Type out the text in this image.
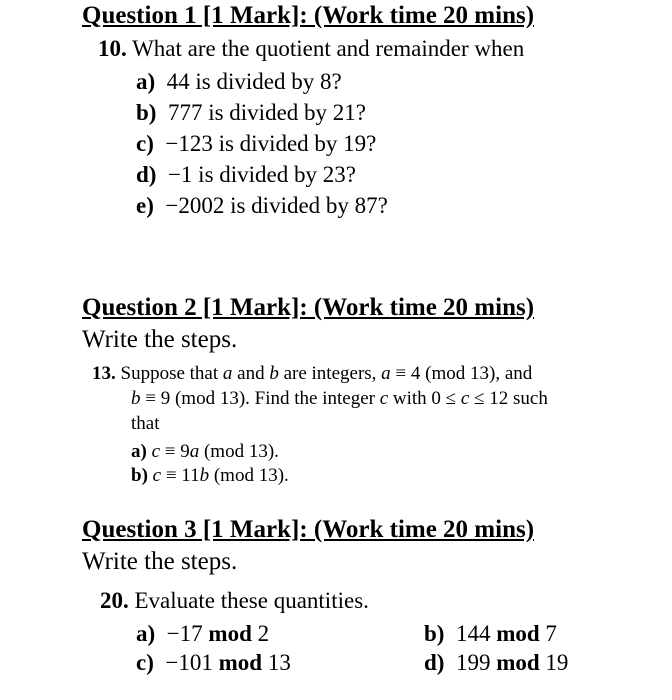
Question 1 [1 Mark]: (Work time 20 mins)
10. What are the quotient and remainder when
a) 44 is divided by 8?
b) 777 is divided by 21?
c) −123 is divided by 19?
d) −1 is divided by 23?
e) −2002 is divided by 87?
Question 2 [1 Mark]: (Work time 20 mins)
Write the steps.
13. Suppose that a and b are integers, a ≡ 4 (mod 13), and
b ≡ 9 (mod 13). Find the integer c with 0 ≤ c ≤ 12 such
that
a) c ≡ 9a (mod 13).
b) c ≡ 11b (mod 13).
Question 3 [1 Mark]: (Work time 20 mins)
Write the steps.
20. Evaluate these quantities.
a) −17 mod 2	b) 144 mod 7
c) −101 mod 13	d) 199 mod 19
